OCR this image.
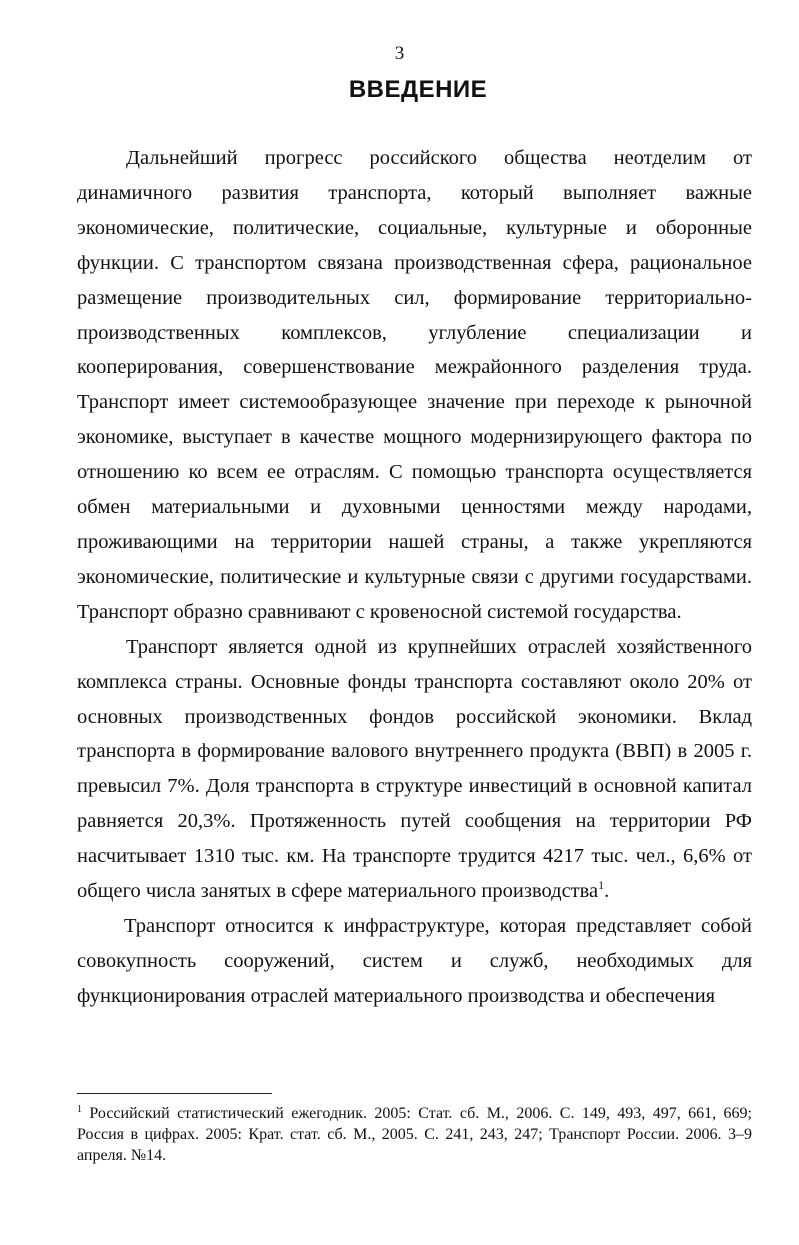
3
ВВЕДЕНИЕ

Дальнейший прогресс российского общества неотделим от динамичного развития транспорта, который выполняет важные экономические, политические, социальные, культурные и оборонные функции. С транспортом связана производственная сфера, рациональное размещение производительных сил, формирование территориально-производственных комплексов, углубление специализации и кооперирования, совершенствование межрайонного разделения труда. Транспорт имеет системообразующее значение при переходе к рыночной экономике, выступает в качестве мощного модернизирующего фактора по отношению ко всем ее отраслям. С помощью транспорта осуществляется обмен материальными и духовными ценностями между народами, проживающими на территории нашей страны, а также укрепляются экономические, политические и культурные связи с другими государствами. Транспорт образно сравнивают с кровеносной системой государства.

Транспорт является одной из крупнейших отраслей хозяйственного комплекса страны. Основные фонды транспорта составляют около 20% от основных производственных фондов российской экономики. Вклад транспорта в формирование валового внутреннего продукта (ВВП) в 2005 г. превысил 7%. Доля транспорта в структуре инвестиций в основной капитал равняется 20,3%. Протяженность путей сообщения на территории РФ насчитывает 1310 тыс. км. На транспорте трудится 4217 тыс. чел., 6,6% от общего числа занятых в сфере материального производства$^1$.

Транспорт относится к инфраструктуре, которая представляет собой совокупность сооружений, систем и служб, необходимых для функционирования отраслей материального производства и обеспечения

$^1$ Российский статистический ежегодник. 2005: Стат. сб. М., 2006. С. 149, 493, 497, 661, 669; Россия в цифрах. 2005: Крат. стат. сб. М., 2005. С. 241, 243, 247; Транспорт России. 2006. 3–9 апреля. №14.
